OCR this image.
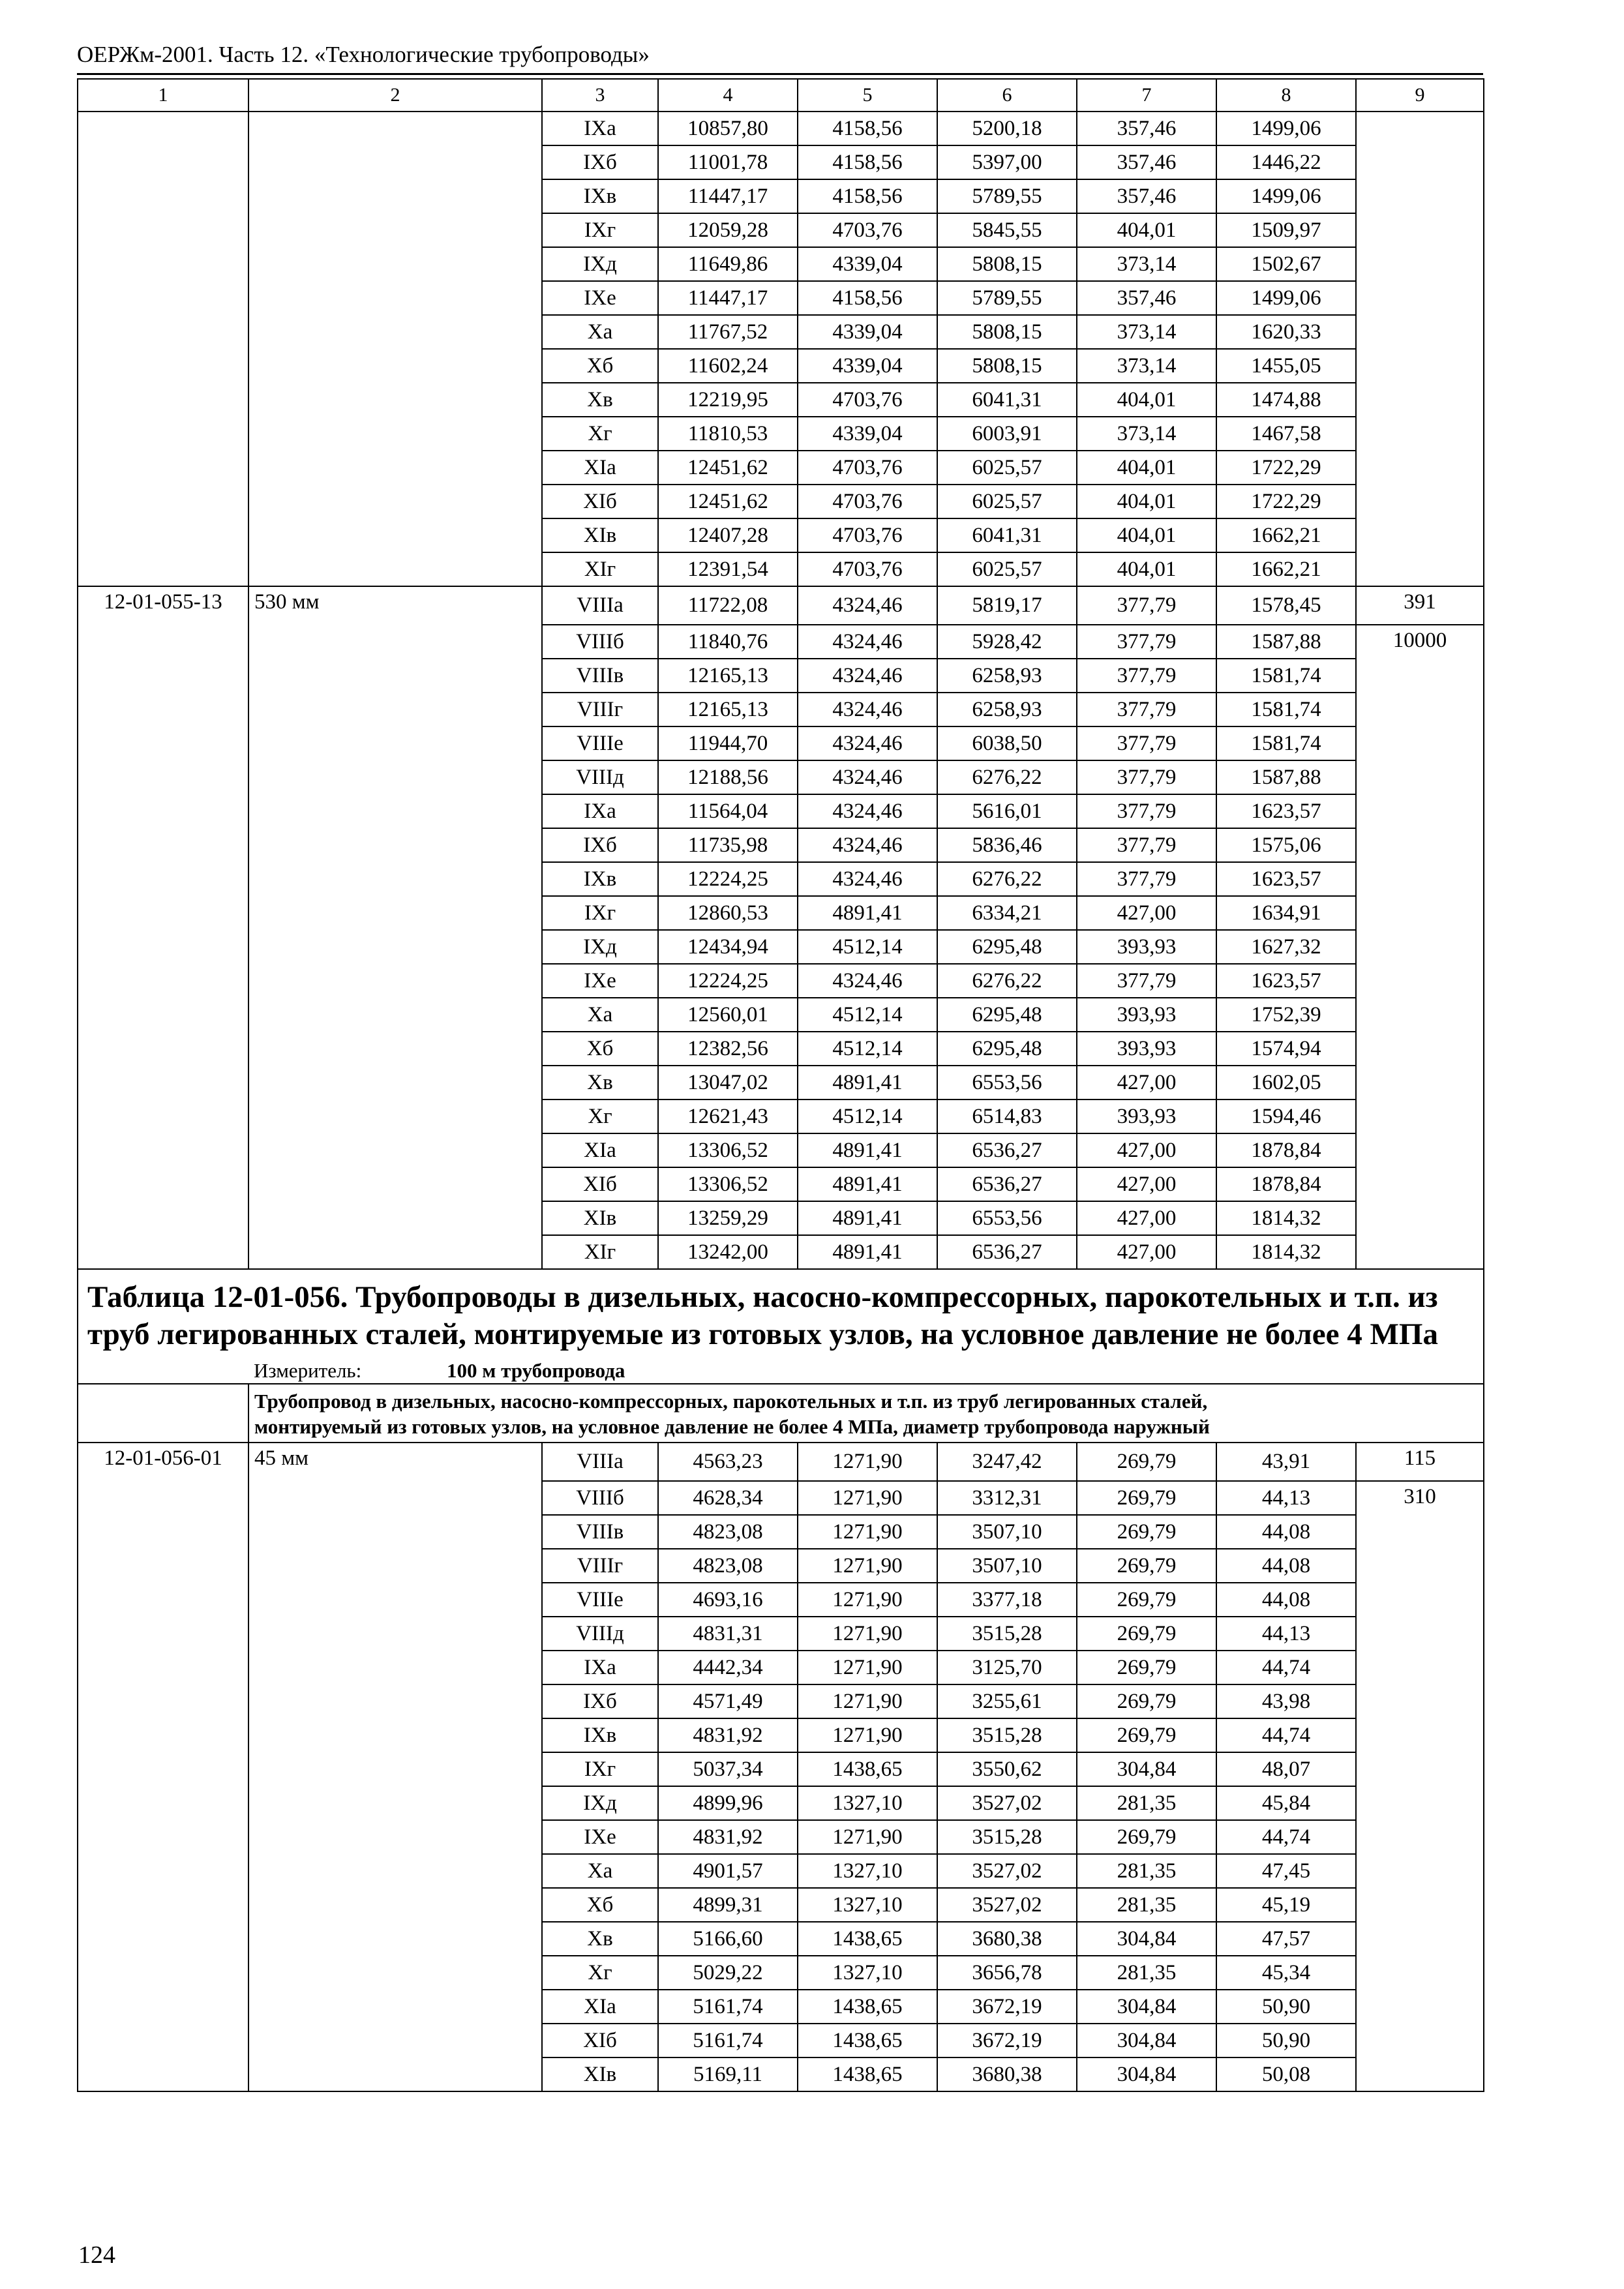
ОЕРЖм-2001. Часть 12. «Технологические трубопроводы»
1	2	3	4	5	6	7	8	9
		IXа	10857,80	4158,56	5200,18	357,46	1499,06	
		IXб	11001,78	4158,56	5397,00	357,46	1446,22	
		IXв	11447,17	4158,56	5789,55	357,46	1499,06	
		IXг	12059,28	4703,76	5845,55	404,01	1509,97	
		IXд	11649,86	4339,04	5808,15	373,14	1502,67	
		IXе	11447,17	4158,56	5789,55	357,46	1499,06	
		Xа	11767,52	4339,04	5808,15	373,14	1620,33	
		Xб	11602,24	4339,04	5808,15	373,14	1455,05	
		Xв	12219,95	4703,76	6041,31	404,01	1474,88	
		Xг	11810,53	4339,04	6003,91	373,14	1467,58	
		XIа	12451,62	4703,76	6025,57	404,01	1722,29	
		XIб	12451,62	4703,76	6025,57	404,01	1722,29	
		XIв	12407,28	4703,76	6041,31	404,01	1662,21	
		XIг	12391,54	4703,76	6025,57	404,01	1662,21	
12-01-055-13	530 мм	VIIIа	11722,08	4324,46	5819,17	377,79	1578,45	391
		VIIIб	11840,76	4324,46	5928,42	377,79	1587,88	10000
		VIIIв	12165,13	4324,46	6258,93	377,79	1581,74	
		VIIIг	12165,13	4324,46	6258,93	377,79	1581,74	
		VIIIе	11944,70	4324,46	6038,50	377,79	1581,74	
		VIIIд	12188,56	4324,46	6276,22	377,79	1587,88	
		IXа	11564,04	4324,46	5616,01	377,79	1623,57	
		IXб	11735,98	4324,46	5836,46	377,79	1575,06	
		IXв	12224,25	4324,46	6276,22	377,79	1623,57	
		IXг	12860,53	4891,41	6334,21	427,00	1634,91	
		IXд	12434,94	4512,14	6295,48	393,93	1627,32	
		IXе	12224,25	4324,46	6276,22	377,79	1623,57	
		Xа	12560,01	4512,14	6295,48	393,93	1752,39	
		Xб	12382,56	4512,14	6295,48	393,93	1574,94	
		Xв	13047,02	4891,41	6553,56	427,00	1602,05	
		Xг	12621,43	4512,14	6514,83	393,93	1594,46	
		XIа	13306,52	4891,41	6536,27	427,00	1878,84	
		XIб	13306,52	4891,41	6536,27	427,00	1878,84	
		XIв	13259,29	4891,41	6553,56	427,00	1814,32	
		XIг	13242,00	4891,41	6536,27	427,00	1814,32	
Таблица 12-01-056. Трубопроводы в дизельных, насосно-компрессорных, парокотельных и т.п. из труб легированных сталей, монтируемые из готовых узлов, на условное давление не более 4 МПа								
	Измеритель: 100 м трубопровода							

	Трубопровод в дизельных, насосно-компрессорных, парокотельных и т.п. из труб легированных сталей,
монтируемый из готовых узлов, на условное давление не более 4 МПа, диаметр трубопровода наружный							

12-01-056-01	45 мм	VIIIа	4563,23	1271,90	3247,42	269,79	43,91	115
		VIIIб	4628,34	1271,90	3312,31	269,79	44,13	310
		VIIIв	4823,08	1271,90	3507,10	269,79	44,08	
		VIIIг	4823,08	1271,90	3507,10	269,79	44,08	
		VIIIе	4693,16	1271,90	3377,18	269,79	44,08	
		VIIIд	4831,31	1271,90	3515,28	269,79	44,13	
		IXа	4442,34	1271,90	3125,70	269,79	44,74	
		IXб	4571,49	1271,90	3255,61	269,79	43,98	
		IXв	4831,92	1271,90	3515,28	269,79	44,74	
		IXг	5037,34	1438,65	3550,62	304,84	48,07	
		IXд	4899,96	1327,10	3527,02	281,35	45,84	
		IXе	4831,92	1271,90	3515,28	269,79	44,74	
		Xа	4901,57	1327,10	3527,02	281,35	47,45	
		Xб	4899,31	1327,10	3527,02	281,35	45,19	
		Xв	5166,60	1438,65	3680,38	304,84	47,57	
		Xг	5029,22	1327,10	3656,78	281,35	45,34	
		XIа	5161,74	1438,65	3672,19	304,84	50,90	
		XIб	5161,74	1438,65	3672,19	304,84	50,90	
		XIв	5169,11	1438,65	3680,38	304,84	50,08	
124
